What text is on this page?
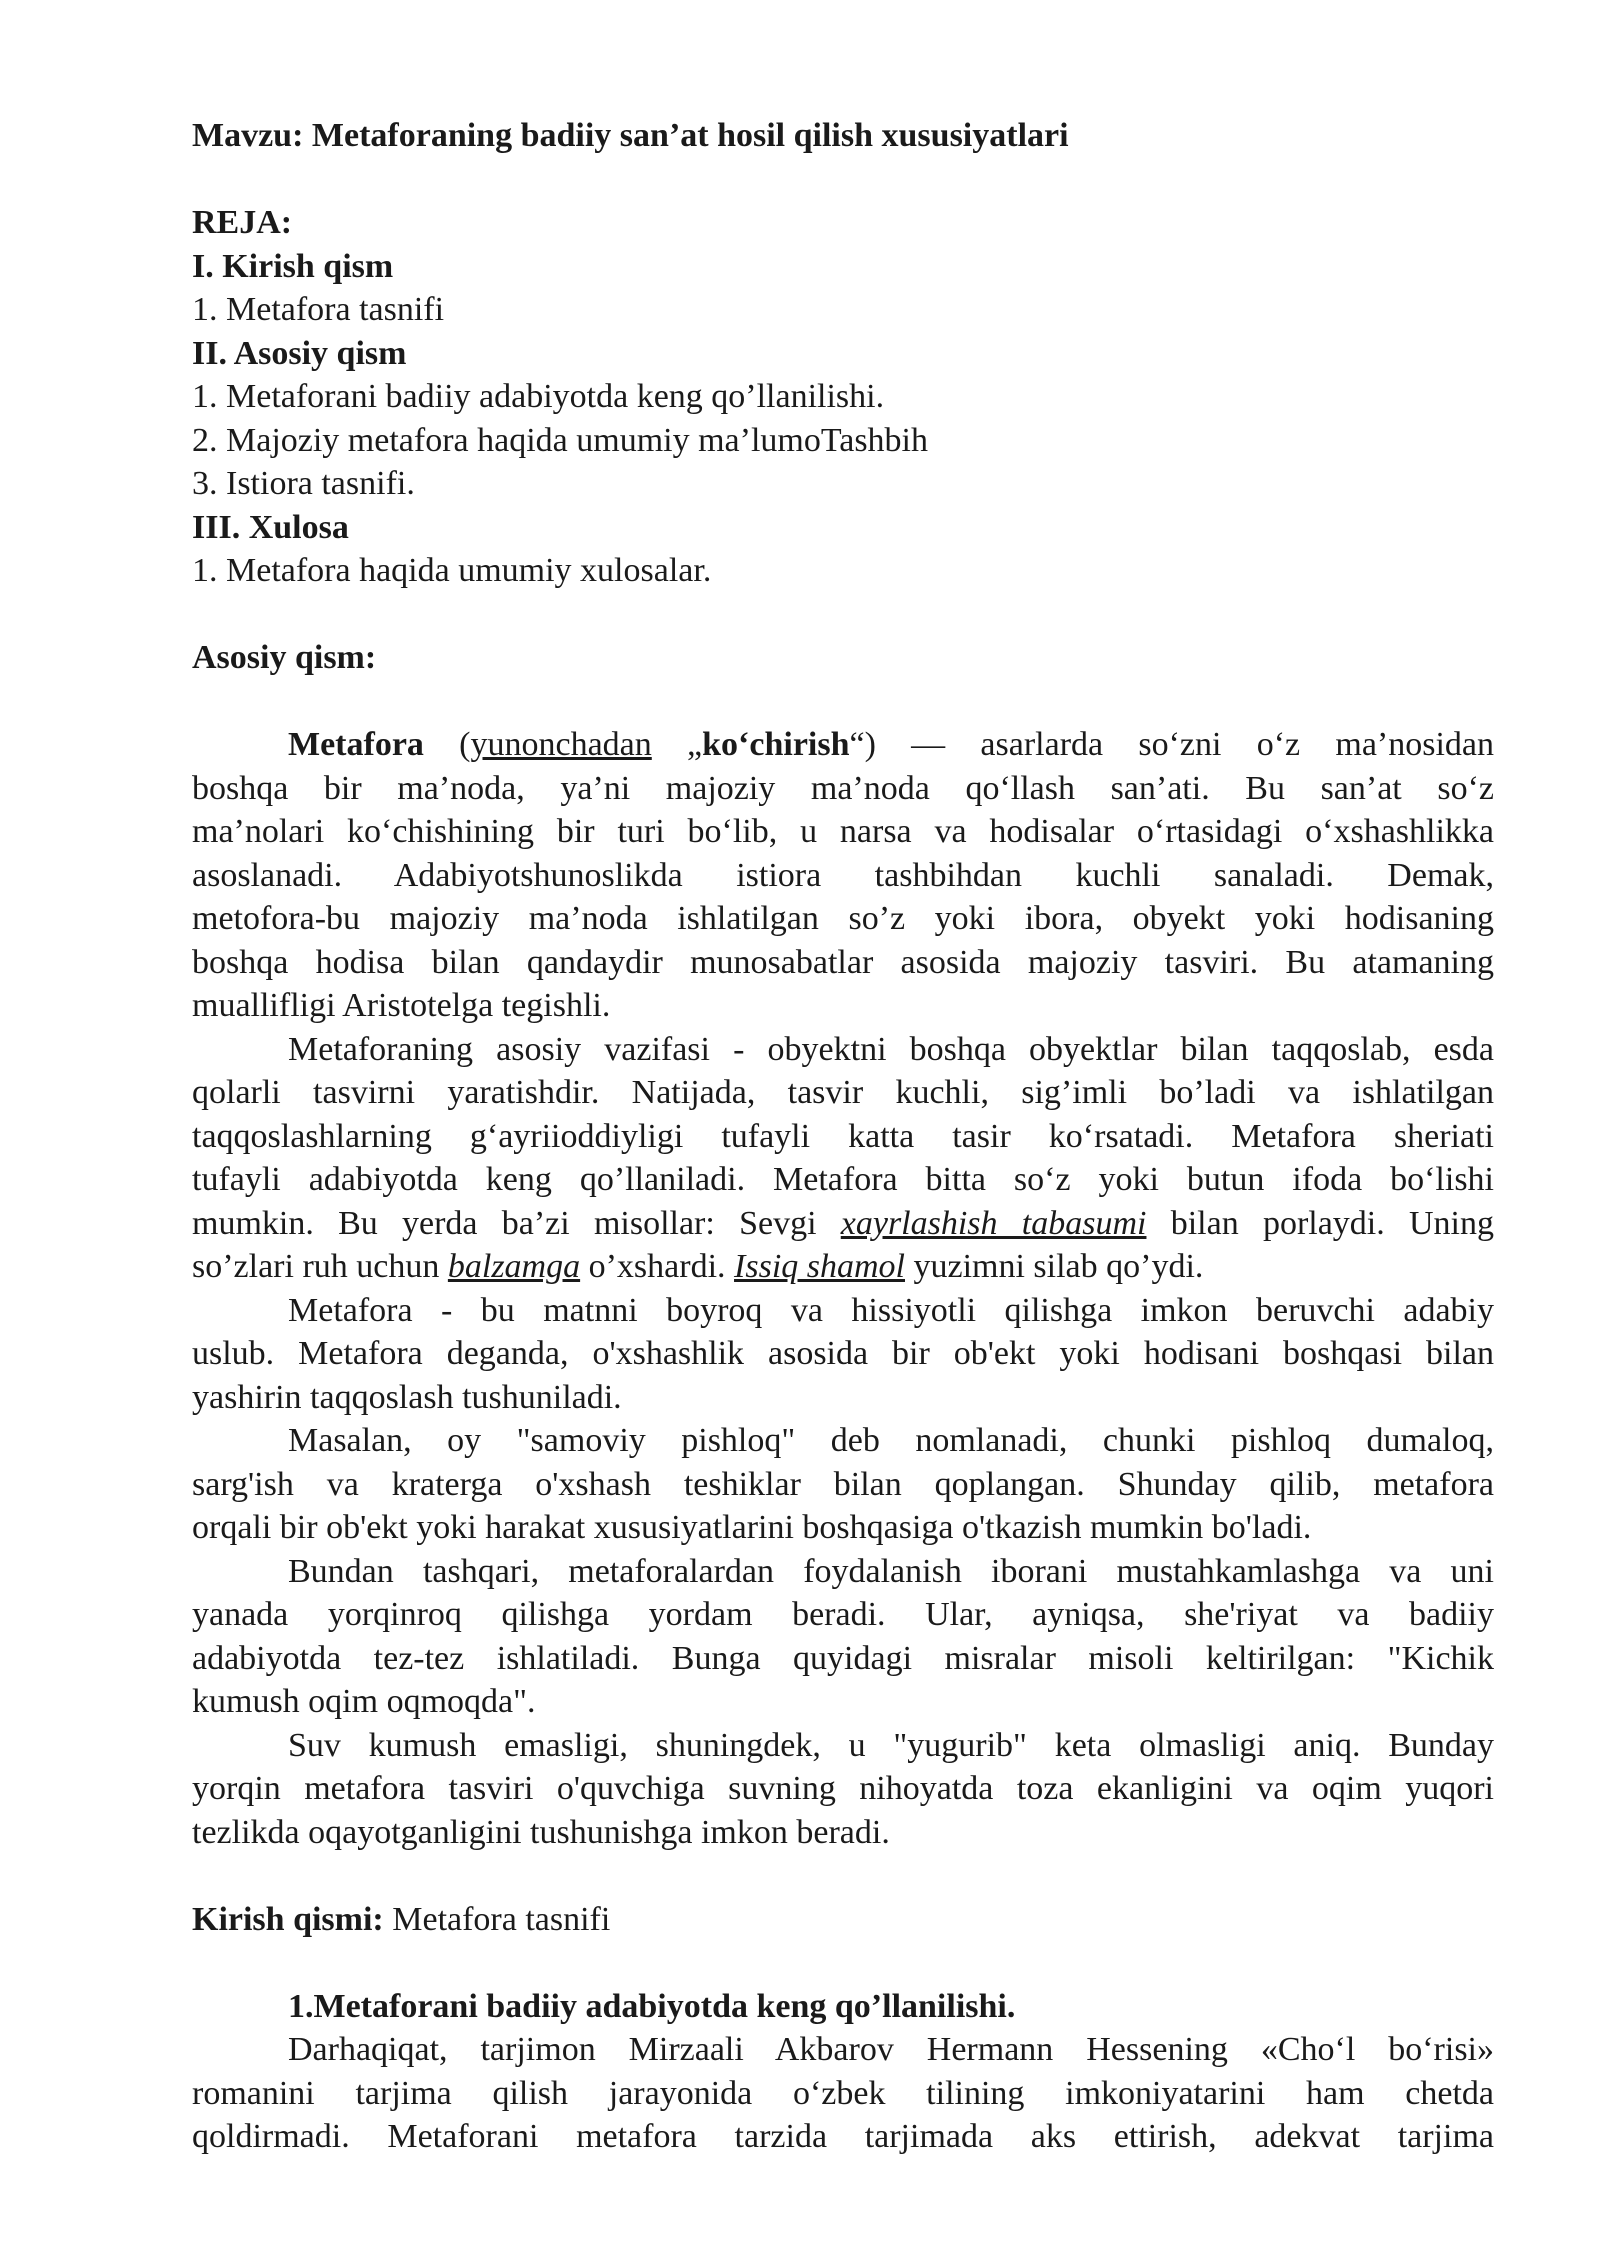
Mavzu: Metaforaning badiiy san’at hosil qilish xususiyatlari

REJA:

I. Kirish qism

1. Metafora tasnifi

II. Asosiy qism

1. Metaforani badiiy adabiyotda keng qo’llanilishi.

2. Majoziy metafora haqida umumiy ma’lumoTashbih

3. Istiora tasnifi.

III. Xulosa

1. Metafora haqida umumiy xulosalar.

Asosiy qism:

Metafora (yunonchadan „ko‘chirish“) — asarlarda so‘zni o‘z ma’nosidan

boshqa bir ma’noda, ya’ni majoziy ma’noda qo‘llash san’ati. Bu san’at so‘z

ma’nolari ko‘chishining bir turi bo‘lib, u narsa va hodisalar o‘rtasidagi o‘xshashlikka

asoslanadi. Adabiyotshunoslikda istiora tashbihdan kuchli sanaladi. Demak,

metofora-bu majoziy ma’noda ishlatilgan so’z yoki ibora, obyekt yoki hodisaning

boshqa hodisa bilan qandaydir munosabatlar asosida majoziy tasviri. Bu atamaning

muallifligi Aristotelga tegishli.

Metaforaning asosiy vazifasi - obyektni boshqa obyektlar bilan taqqoslab, esda

qolarli tasvirni yaratishdir. Natijada, tasvir kuchli, sig’imli bo’ladi va ishlatilgan

taqqoslashlarning g‘ayriioddiyligi tufayli katta tasir ko‘rsatadi. Metafora sheriati

tufayli adabiyotda keng qo’llaniladi. Metafora bitta so‘z yoki butun ifoda bo‘lishi

mumkin. Bu yerda ba’zi misollar: Sevgi xayrlashish tabasumi bilan porlaydi. Uning

so’zlari ruh uchun balzamga o’xshardi. Issiq shamol yuzimni silab qo’ydi.

Metafora - bu matnni boyroq va hissiyotli qilishga imkon beruvchi adabiy

uslub. Metafora deganda, o'xshashlik asosida bir ob'ekt yoki hodisani boshqasi bilan

yashirin taqqoslash tushuniladi.

Masalan, oy "samoviy pishloq" deb nomlanadi, chunki pishloq dumaloq,

sarg'ish va kraterga o'xshash teshiklar bilan qoplangan. Shunday qilib, metafora

orqali bir ob'ekt yoki harakat xususiyatlarini boshqasiga o'tkazish mumkin bo'ladi.

Bundan tashqari, metaforalardan foydalanish iborani mustahkamlashga va uni

yanada yorqinroq qilishga yordam beradi. Ular, ayniqsa, she'riyat va badiiy

adabiyotda tez-tez ishlatiladi. Bunga quyidagi misralar misoli keltirilgan: "Kichik

kumush oqim oqmoqda".

Suv kumush emasligi, shuningdek, u "yugurib" keta olmasligi aniq. Bunday

yorqin metafora tasviri o'quvchiga suvning nihoyatda toza ekanligini va oqim yuqori

tezlikda oqayotganligini tushunishga imkon beradi.

Kirish qismi: Metafora tasnifi

1.Metaforani badiiy adabiyotda keng qo’llanilishi.

Darhaqiqat, tarjimon Mirzaali Akbarov Hermann Hessening «Cho‘l bo‘risi»

romanini tarjima qilish jarayonida o‘zbek tilining imkoniyatarini ham chetda

qoldirmadi. Metaforani metafora tarzida tarjimada aks ettirish, adekvat tarjima
